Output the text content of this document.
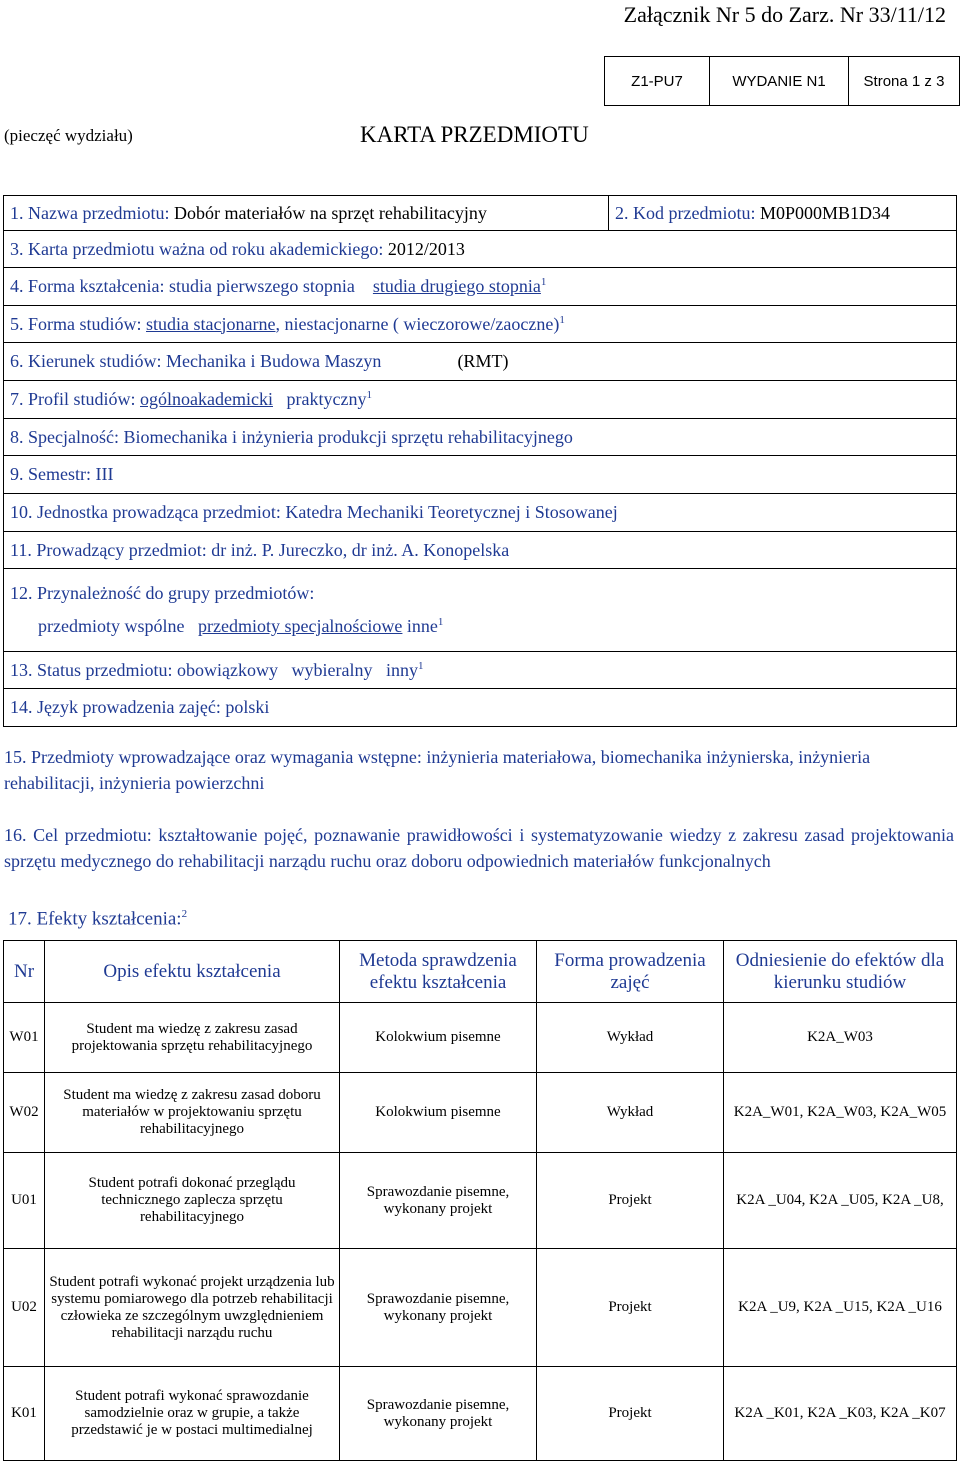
Załącznik Nr 5 do Zarz. Nr 33/11/12
Z1-PU7	WYDANIE N1	Strona 1 z 3
(pieczęć wydziału)	KARTA PRZEDMIOTU
1. Nazwa przedmiotu: Dobór materiałów na sprzęt rehabilitacyjny	2. Kod przedmiotu: M0P000MB1D34
3. Karta przedmiotu ważna od roku akademickiego: 2012/2013
4. Forma kształcenia: studia pierwszego stopnia studia drugiego stopnia$^1$
5. Forma studiów: studia stacjonarne, niestacjonarne ( wieczorowe/zaoczne)$^1$
6. Kierunek studiów: Mechanika i Budowa Maszyn	(RMT)
7. Profil studiów: ogólnoakademicki praktyczny$^1$
8. Specjalność: Biomechanika i inżynieria produkcji sprzętu rehabilitacyjnego
9. Semestr: III
10. Jednostka prowadząca przedmiot: Katedra Mechaniki Teoretycznej i Stosowanej
11. Prowadzący przedmiot: dr inż. P. Jureczko, dr inż. A. Konopelska

12. Przynależność do grupy przedmiotów:
przedmioty wspólne przedmioty specjalnościowe inne$^1$

13. Status przedmiotu: obowiązkowy wybieralny inny$^1$
14. Język prowadzenia zajęć: polski
15. Przedmioty wprowadzające oraz wymagania wstępne: inżynieria materiałowa, biomechanika inżynierska, inżynieria rehabilitacji, inżynieria powierzchni
16. Cel przedmiotu: kształtowanie pojęć, poznawanie prawidłowości i systematyzowanie wiedzy z zakresu zasad projektowania sprzętu medycznego do rehabilitacji narządu ruchu oraz doboru odpowiednich materiałów funkcjonalnych
17. Efekty kształcenia:$^2$
Nr	Opis efektu kształcenia	Metoda sprawdzenia efektu kształcenia	Forma prowadzenia zajęć	Odniesienie do efektów dla kierunku studiów
W01	Student ma wiedzę z zakresu zasad projektowania sprzętu rehabilitacyjnego	Kolokwium pisemne	Wykład	K2A_W03
W02	Student ma wiedzę z zakresu zasad doboru materiałów w projektowaniu sprzętu rehabilitacyjnego	Kolokwium pisemne	Wykład	K2A_W01, K2A_W03, K2A_W05
U01	Student potrafi dokonać przeglądu technicznego zaplecza sprzętu rehabilitacyjnego	Sprawozdanie pisemne, wykonany projekt	Projekt	K2A _U04, K2A _U05, K2A _U8,
U02	Student potrafi wykonać projekt urządzenia lub systemu pomiarowego dla potrzeb rehabilitacji człowieka ze szczególnym uwzględnieniem rehabilitacji narządu ruchu	Sprawozdanie pisemne, wykonany projekt	Projekt	K2A _U9, K2A _U15, K2A _U16
K01	Student potrafi wykonać sprawozdanie samodzielnie oraz w grupie, a także przedstawić je w postaci multimedialnej	Sprawozdanie pisemne, wykonany projekt	Projekt	K2A _K01, K2A _K03, K2A _K07
